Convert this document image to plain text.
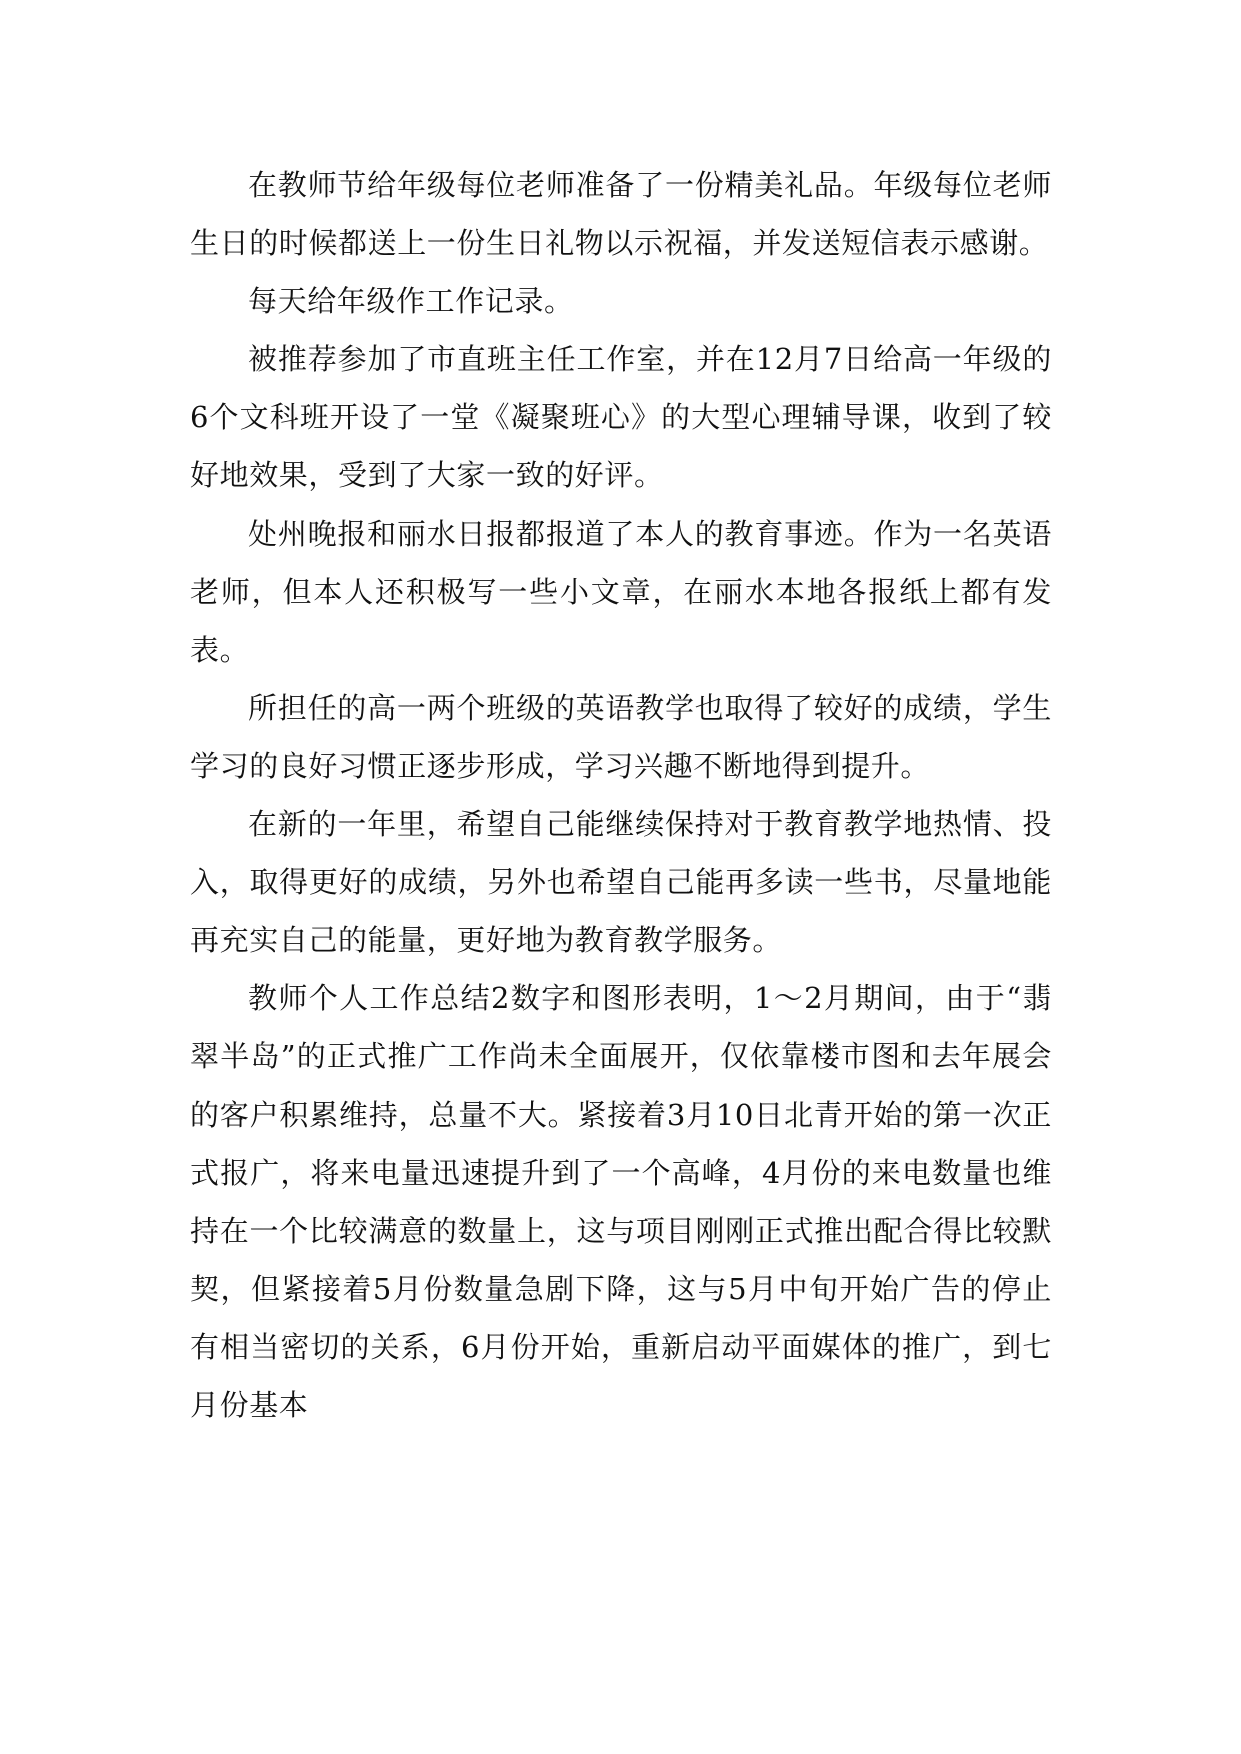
在教师节给年级每位老师准备了一份精美礼品。年级每位老师生日的时候都送上一份生日礼物以示祝福，并发送短信表示感谢。

每天给年级作工作记录。

被推荐参加了市直班主任工作室，并在12月7日给高一年级的6个文科班开设了一堂《凝聚班心》的大型心理辅导课，收到了较好地效果，受到了大家一致的好评。

处州晚报和丽水日报都报道了本人的教育事迹。作为一名英语老师，但本人还积极写一些小文章，在丽水本地各报纸上都有发表。

所担任的高一两个班级的英语教学也取得了较好的成绩，学生学习的良好习惯正逐步形成，学习兴趣不断地得到提升。

在新的一年里，希望自己能继续保持对于教育教学地热情、投入，取得更好的成绩，另外也希望自己能再多读一些书，尽量地能再充实自己的能量，更好地为教育教学服务。

教师个人工作总结2数字和图形表明，1～2月期间，由于“翡翠半岛”的正式推广工作尚未全面展开，仅依靠楼市图和去年展会的客户积累维持，总量不大。紧接着3月10日北青开始的第一次正式报广，将来电量迅速提升到了一个高峰，4月份的来电数量也维持在一个比较满意的数量上，这与项目刚刚正式推出配合得比较默契，但紧接着5月份数量急剧下降，这与5月中旬开始广告的停止有相当密切的关系，6月份开始，重新启动平面媒体的推广，到七月份基本
